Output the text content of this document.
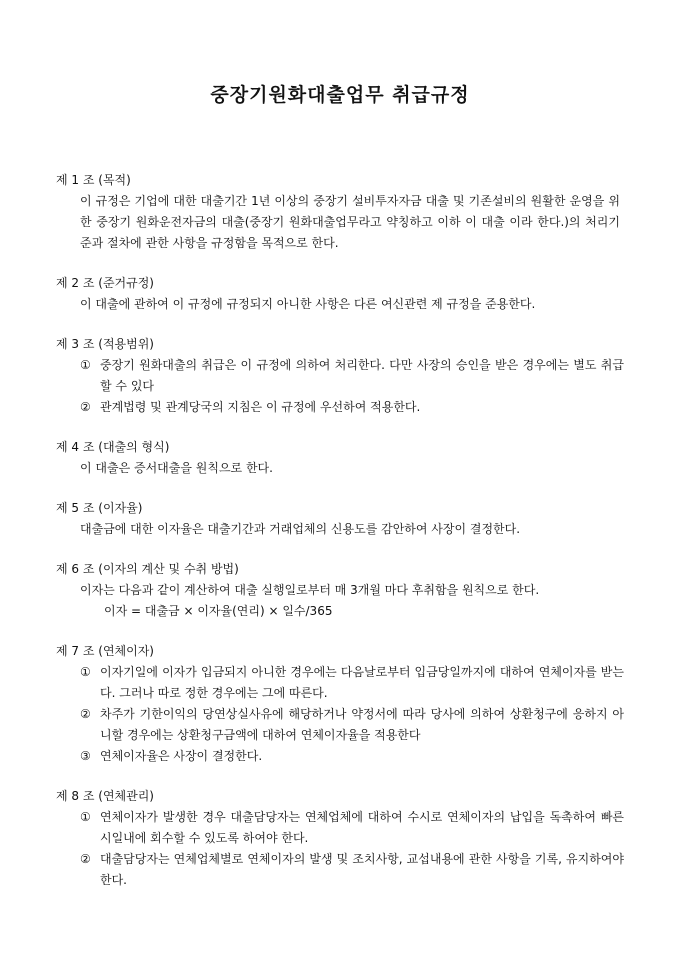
중장기원화대출업무 취급규정
제 1 조 (목적)
이 규정은 기업에 대한 대출기간 1년 이상의 중장기 설비투자자금 대출 및 기존설비의 원활한 운영을 위한 중장기 원화운전자금의 대출(중장기 원화대출업무라고 약칭하고 이하 이 대출 이라 한다.)의 처리기준과 절차에 관한 사항을 규정함을 목적으로 한다.
제 2 조 (준거규정)
이 대출에 관하여 이 규정에 규정되지 아니한 사항은 다른 여신관련 제 규정을 준용한다.
제 3 조 (적용범위)
① 중장기 원화대출의 취급은 이 규정에 의하여 처리한다. 다만 사장의 승인을 받은 경우에는 별도 취급할 수 있다
② 관계법령 및 관계당국의 지침은 이 규정에 우선하여 적용한다.
제 4 조 (대출의 형식)
이 대출은 증서대출을 원칙으로 한다.
제 5 조 (이자율)
대출금에 대한 이자율은 대출기간과 거래업체의 신용도를 감안하여 사장이 결정한다.
제 6 조 (이자의 계산 및 수취 방법)
이자는 다음과 같이 계산하여 대출 실행일로부터 매 3개월 마다 후취함을 원칙으로 한다.
이자 = 대출금 × 이자율(연리) × 일수/365
제 7 조 (연체이자)
① 이자기일에 이자가 입금되지 아니한 경우에는 다음날로부터 입금당일까지에 대하여 연체이자를 받는다. 그러나 따로 정한 경우에는 그에 따른다.
② 차주가 기한이익의 당연상실사유에 해당하거나 약정서에 따라 당사에 의하여 상환청구에 응하지 아니할 경우에는 상환청구금액에 대하여 연체이자율을 적용한다
③ 연체이자율은 사장이 결정한다.
제 8 조 (연체관리)
① 연체이자가 발생한 경우 대출담당자는 연체업체에 대하여 수시로 연체이자의 납입을 독촉하여 빠른 시일내에 회수할 수 있도록 하여야 한다.
② 대출담당자는 연체업체별로 연체이자의 발생 및 조치사항, 교섭내용에 관한 사항을 기록, 유지하여야 한다.
